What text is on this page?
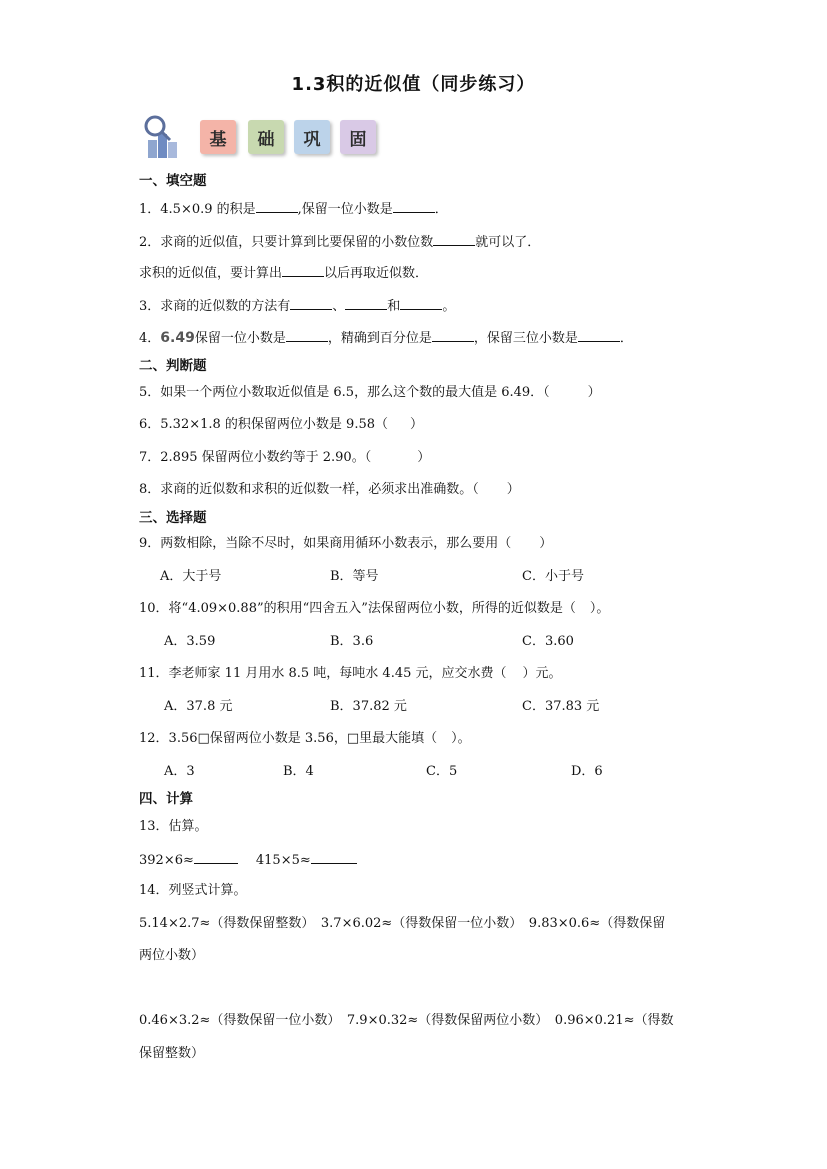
1.3积的近似值（同步练习）
基	础	巩	固
一、填空题
1．4.5×0.9 的积是	,保留一位小数是	．
2．求商的近似值，只要计算到比要保留的小数位数	就可以了．
求积的近似值，要计算出	以后再取近似数．
3．求商的近似数的方法有	、	和	。
4．6.49保留一位小数是	，精确到百分位是	，保留三位小数是	．
二、判断题
5．如果一个两位小数取近似值是 6.5，那么这个数的最大值是 6.49．（	）
6．5.32×1.8 的积保留两位小数是 9.58（ ）
7．2.895 保留两位小数约等于 2.90。（	）
8．求商的近似数和求积的近似数一样，必须求出准确数。（ ）
三、选择题
9．两数相除，当除不尽时，如果商用循环小数表示，那么要用（ ）
A．大于号	B．等号	C．小于号
10．将“4.09×0.88”的积用“四舍五入”法保留两位小数，所得的近似数是（ ）。
A．3.59	B．3.6	C．3.60
11．李老师家 11 月用水 8.5 吨，每吨水 4.45 元，应交水费（ ）元。
A．37.8 元	B．37.82 元	C．37.83 元
12．3.56□保留两位小数是 3.56，□里最大能填（ ）。
A．3	B．4	C．5	D．6
四、计算
13．估算。
392×6≈	415×5≈
14．列竖式计算。
5.14×2.7≈（得数保留整数）　3.7×6.02≈（得数保留一位小数）　9.83×0.6≈（得数保留
两位小数）
0.46×3.2≈（得数保留一位小数）　7.9×0.32≈（得数保留两位小数）　0.96×0.21≈（得数
保留整数）
